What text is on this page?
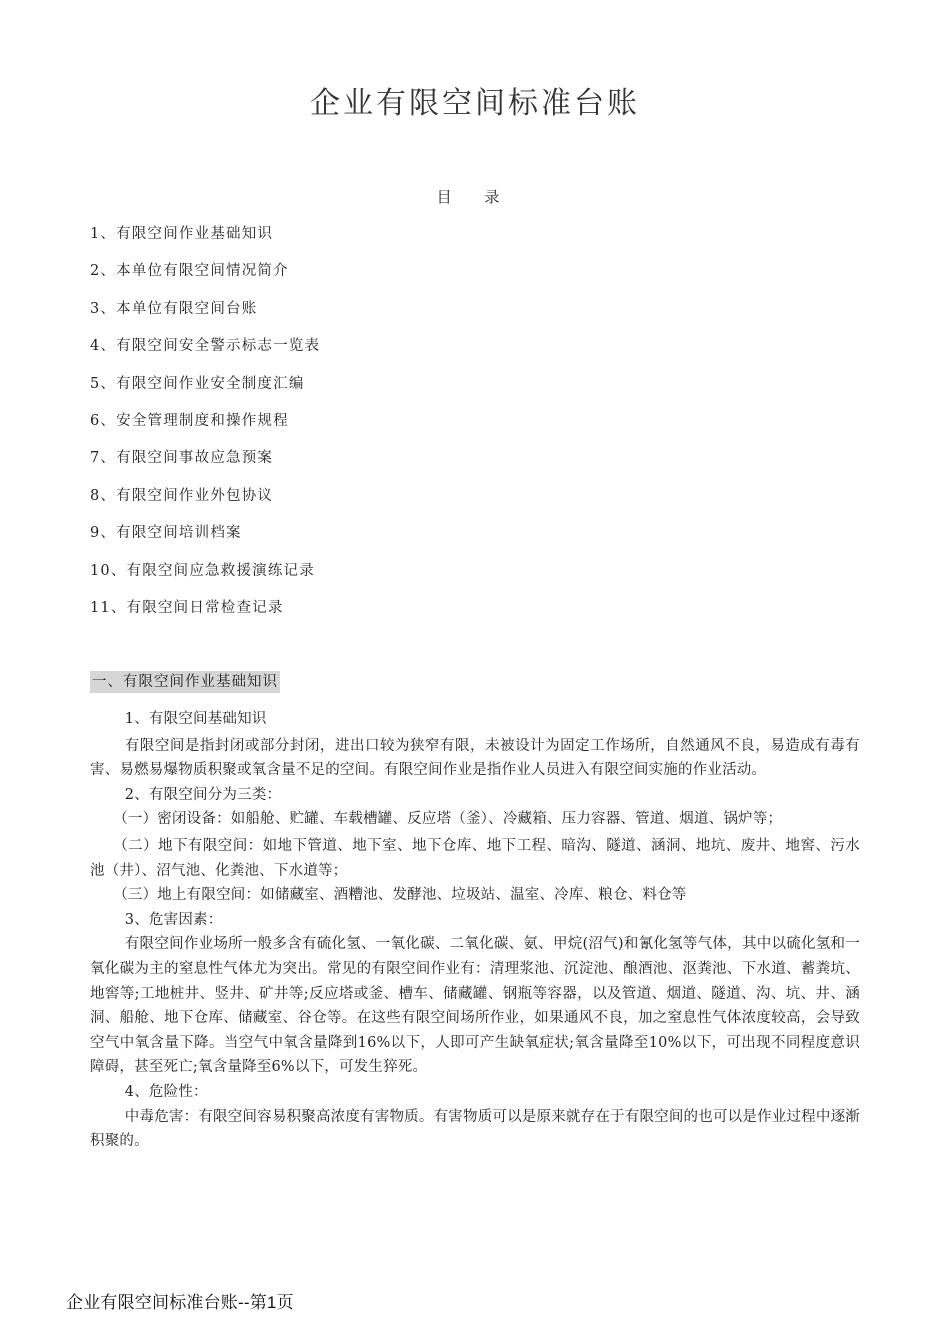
企业有限空间标准台账
目 录
1、有限空间作业基础知识
2、本单位有限空间情况简介
3、本单位有限空间台账
4、有限空间安全警示标志一览表
5、有限空间作业安全制度汇编
6、安全管理制度和操作规程
7、有限空间事故应急预案
8、有限空间作业外包协议
9、有限空间培训档案
10、有限空间应急救援演练记录
11、有限空间日常检查记录
一、有限空间作业基础知识

1、有限空间基础知识

有限空间是指封闭或部分封闭，进出口较为狭窄有限，未被设计为固定工作场所，自然通风不良，易造成有毒有害、易燃易爆物质积聚或氧含量不足的空间。有限空间作业是指作业人员进入有限空间实施的作业活动。

2、有限空间分为三类：

（一）密闭设备：如船舱、贮罐、车载槽罐、反应塔（釜）、冷藏箱、压力容器、管道、烟道、锅炉等；

（二）地下有限空间：如地下管道、地下室、地下仓库、地下工程、暗沟、隧道、涵洞、地坑、废井、地窖、污水池（井）、沼气池、化粪池、下水道等；

（三）地上有限空间：如储藏室、酒糟池、发酵池、垃圾站、温室、冷库、粮仓、料仓等

3、危害因素：

有限空间作业场所一般多含有硫化氢、一氧化碳、二氧化碳、氨、甲烷(沼气)和氰化氢等气体，其中以硫化氢和一氧化碳为主的窒息性气体尤为突出。常见的有限空间作业有：清理浆池、沉淀池、酿酒池、沤粪池、下水道、蓄粪坑、地窖等;工地桩井、竖井、矿井等;反应塔或釜、槽车、储藏罐、钢瓶等容器，以及管道、烟道、隧道、沟、坑、井、涵洞、船舱、地下仓库、储藏室、谷仓等。在这些有限空间场所作业，如果通风不良，加之窒息性气体浓度较高，会导致空气中氧含量下降。当空气中氧含量降到16%以下，人即可产生缺氧症状;氧含量降至10%以下，可出现不同程度意识障碍，甚至死亡;氧含量降至6%以下，可发生猝死。

4、危险性：

中毒危害：有限空间容易积聚高浓度有害物质。有害物质可以是原来就存在于有限空间的也可以是作业过程中逐渐积聚的。

企业有限空间标准台账--第1页
